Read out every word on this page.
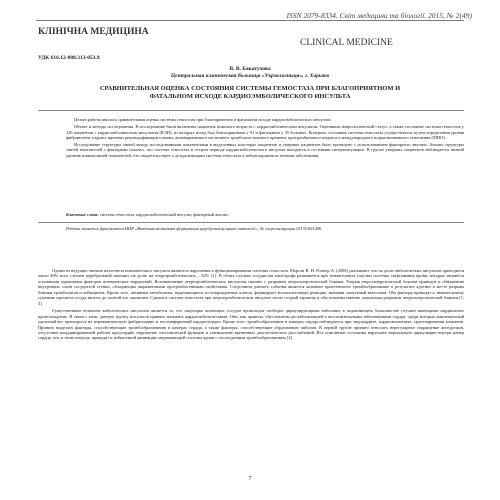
ISSN 2079-8334. Світ медицини та біології. 2015, № 2(49)
КЛІНІЧНА МЕДИЦИНА
CLINICAL MEDICINE
УДК 616.12-008.313-053.9
В. В. Бакатухова
Центральная клиническая больница «Укрзализныця», г. Харьков
СРАВНИТЕЛЬНАЯ ОЦЕНКА СОСТОЯНИЯ СИСТЕМЫ ГЕМОСТАЗА ПРИ БЛАГОПРИЯТНОМ И ФАТАЛЬНОМ ИСХОДЕ КАРДИОЭМБОЛИЧЕСКОГО ИНСУЛЬТА

Целью работы явилась сравнительная оценка системы гемостаза при благоприятном и фатальном исходе кардиоэмболического инсульта.

Объект и методы исследования. В исследование были включены пациенты пожилого возраста с кардиоэмболическим инсультом. Оценивали неврологический статус, а также состояние системы гемостаза у 126 пациентов с кардиоэмболическим инсультом (КЭИ), из которых исход был благоприятным у 91 и фатальным у 35 больных. Контроль состояния системы гемостаза осуществлялся путем определения уровня фибриногена в крови, времени рекальцификации плазмы, активированного частичного тромбопластинового времени, протромбинового индекса и международного нормализованного отношения (МНО).

Исследование структуры связей между исследованными показателями в выделенных кластерах пациентов и умерших пациентов было проведено с использованием факторного анализа. Анализ структуры связей показателей с факторами показал, что система гемостаза в остром периоде кардиоэмболического инсульта находится в состоянии гиперкоагуляции. В группе умерших пациентов наблюдается низкий уровень взаимосвязей показателей, что свидетельствует о дезорганизации системы гемостаза и неблагоприятном течении заболевания.

Ключевые слова: система гемостаза, кардиоэмболический инсульт, факторный анализ.
Работа является фрагментом НИР «Вивчення механізмів формування цереброваскулярної патології», № госрегистрации 0113U001286.

Одним из ведущих звеньев патогенеза ишемического инсульта являются нарушения в функционировании системы гемостаза. Морган В. И. Роппер А. (2006) указывают, что на долю эмболических инсультов приходится около 40% всех случаев церебральной ишемии, на долю же атеротромботических – 32% [1]. В обоих случаях сосудистая катастрофа развивается при значительном участии системы свертывания крови, которые являются основными причинами факторов ишемических нарушений. Возникновение атеротромботических инсультов связано с разрывом атеросклеротической бляшки. Разрыв атеросклеротической бляшки приводит к обнажению внутренних слоев сосудистой стенки, обладающих выраженными протромбогенными свойствами. Следствием данного события является активное пристеночное тромбообразование в результате адгезии в месте разрыва бляшки тромбоцитов и лейкоцитов. Кроме того, активные метаболиты, выделяющиеся из поврежденных клеток, формируют воспалительную реакцию, вызывая локальный вазоспазм. Оба фактора приводят к значительному сужению просвета сосуда вплоть до полной его окклюзии. Сдвиги в системе гемостаза при атеротромботическом инсульте носят острый характер и обусловлены именно локальным разрывом атеросклеротической бляшки [1, 3].

Существенным отличием эмболических инсультов является то, что закупорка питающих сосудов происходит свободно циркулирующими эмболами, в подавляющем большинстве случаев имеющими кардиальное происхождение. В связи с этим, данную группу инсультов принято называть кардиоэмболическими. Они, как правило, обусловлены дестабилизацией и воспалительными заболеваниями сердца, среди которых максимальный удельный вес приходится на неревматическую фибрилляцию и постинфарктный кардиосклероз. Кроме того, тромбообразование в камерах сердца наблюдается при эндокардите, кардиомиопатиях, протезировании клапанов. Принято выделять факторы, способствующие тромбообразованию в камерах сердца, а также факторы, способствующие образованию эмболов. К первой группе принято относить нерегулярное сокращение желудочков, отсутствие координированной работы предсердий, нарушение систолической функции и уменьшение временных диастолических расслаблений. Все описанные состояния нарушают нормальную циркуляцию внутри камер сердца, что, в свою очередь, приводит к избыточной активации свертывающей системы крови с последующим тромбообразованием [2].

7
